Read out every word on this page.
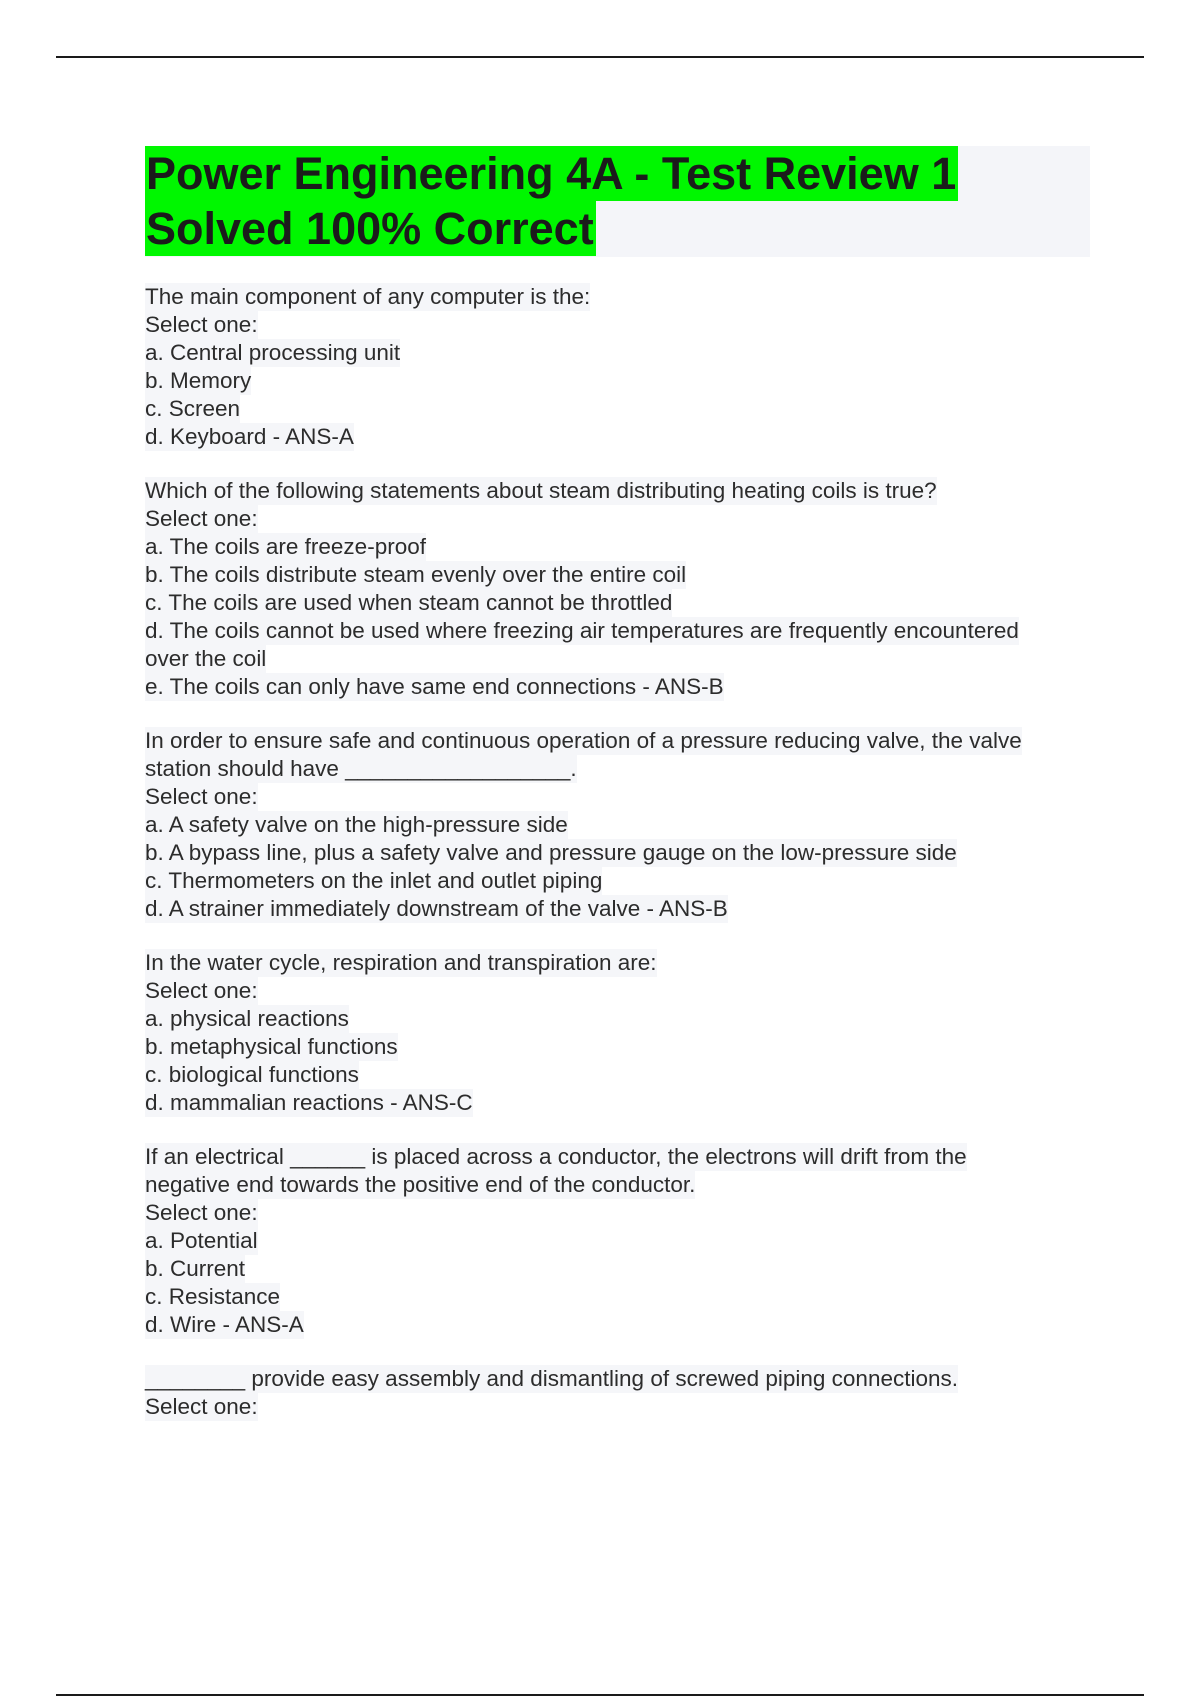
Power Engineering 4A - Test Review 1
Solved 100% Correct
The main component of any computer is the:
Select one:
a. Central processing unit
b. Memory
c. Screen
d. Keyboard - ANS-A
Which of the following statements about steam distributing heating coils is true?
Select one:
a. The coils are freeze-proof
b. The coils distribute steam evenly over the entire coil
c. The coils are used when steam cannot be throttled
d. The coils cannot be used where freezing air temperatures are frequently encountered
over the coil
e. The coils can only have same end connections - ANS-B
In order to ensure safe and continuous operation of a pressure reducing valve, the valve
station should have __________________.
Select one:
a. A safety valve on the high-pressure side
b. A bypass line, plus a safety valve and pressure gauge on the low-pressure side
c. Thermometers on the inlet and outlet piping
d. A strainer immediately downstream of the valve - ANS-B
In the water cycle, respiration and transpiration are:
Select one:
a. physical reactions
b. metaphysical functions
c. biological functions
d. mammalian reactions - ANS-C
If an electrical ______ is placed across a conductor, the electrons will drift from the
negative end towards the positive end of the conductor.
Select one:
a. Potential
b. Current
c. Resistance
d. Wire - ANS-A
________ provide easy assembly and dismantling of screwed piping connections.
Select one:
